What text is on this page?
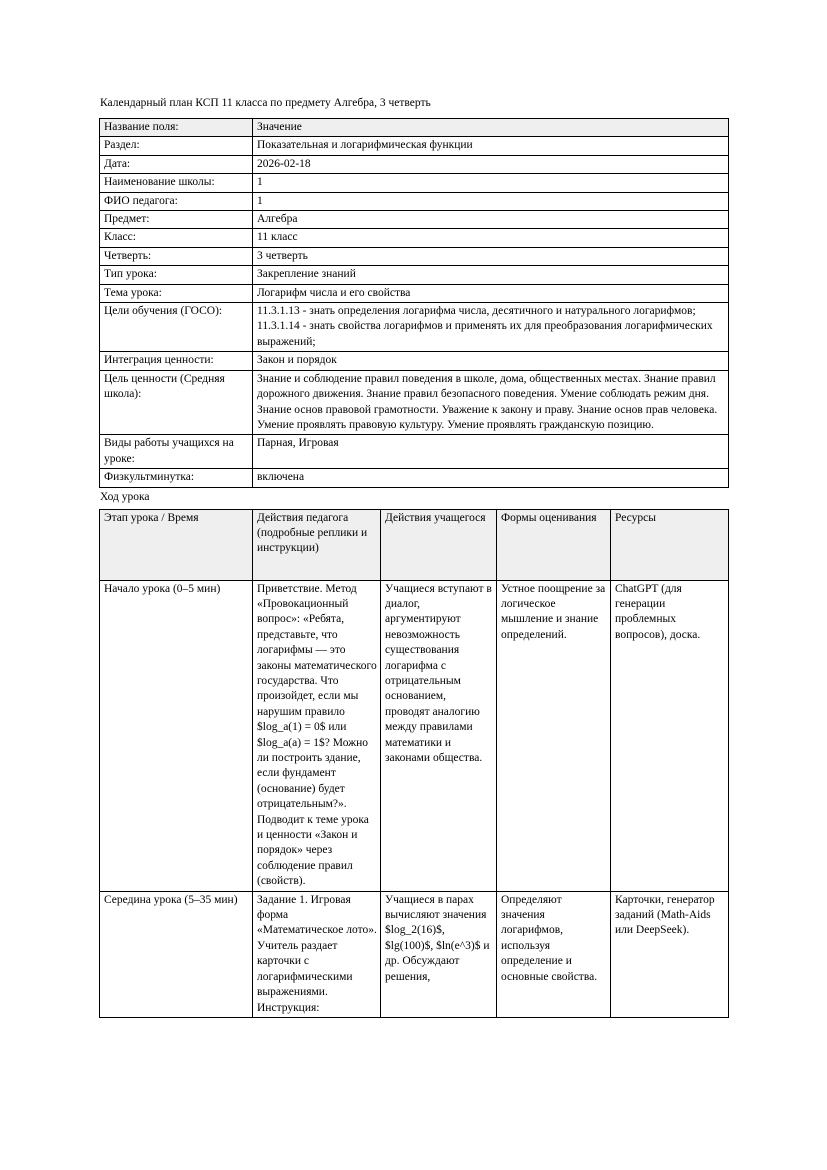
Календарный план КСП 11 класса по предмету Алгебра, 3 четверть
Название поля:	Значение
Раздел:	Показательная и логарифмическая функции
Дата:	2026-02-18
Наименование школы:	1
ФИО педагога:	1
Предмет:	Алгебра
Класс:	11 класс
Четверть:	3 четверть
Тип урока:	Закрепление знаний
Тема урока:	Логарифм числа и его свойства
Цели обучения (ГОСО):	11.3.1.13 - знать определения логарифма числа, десятичного и натурального логарифмов; 11.3.1.14 - знать свойства логарифмов и применять их для преобразования логарифмических выражений;
Интеграция ценности:	Закон и порядок
Цель ценности (Средняя школа):	Знание и соблюдение правил поведения в школе, дома, общественных местах. Знание правил дорожного движения. Знание правил безопасного поведения. Умение соблюдать режим дня. Знание основ правовой грамотности. Уважение к закону и праву. Знание основ прав человека. Умение проявлять правовую культуру. Умение проявлять гражданскую позицию.
Виды работы учащихся на уроке:	Парная, Игровая
Физкультминутка:	включена
Ход урока
Этап урока / Время	Действия педагога (подробные реплики и инструкции)	Действия учащегося	Формы оценивания	Ресурсы
Начало урока (0–5 мин)	Приветствие. Метод «Провокационный вопрос»: «Ребята, представьте, что логарифмы — это законы математического государства. Что произойдет, если мы нарушим правило $log_a(1) = 0$ или $log_a(a) = 1$? Можно ли построить здание, если фундамент (основание) будет отрицательным?». Подводит к теме урока и ценности «Закон и порядок» через соблюдение правил (свойств).	Учащиеся вступают в диалог, аргументируют невозможность существования логарифма с отрицательным основанием, проводят аналогию между правилами математики и законами общества.	Устное поощрение за логическое мышление и знание определений.	ChatGPT (для генерации проблемных вопросов), доска.
Середина урока (5–35 мин)	Задание 1. Игровая форма «Математическое лото». Учитель раздает карточки с логарифмическими выражениями. Инструкция:	Учащиеся в парах вычисляют значения $log_2(16)$, $lg(100)$, $ln(e^3)$ и др. Обсуждают решения,	Определяют значения логарифмов, используя определение и основные свойства.	Карточки, генератор заданий (Math-Aids или DeepSeek).
